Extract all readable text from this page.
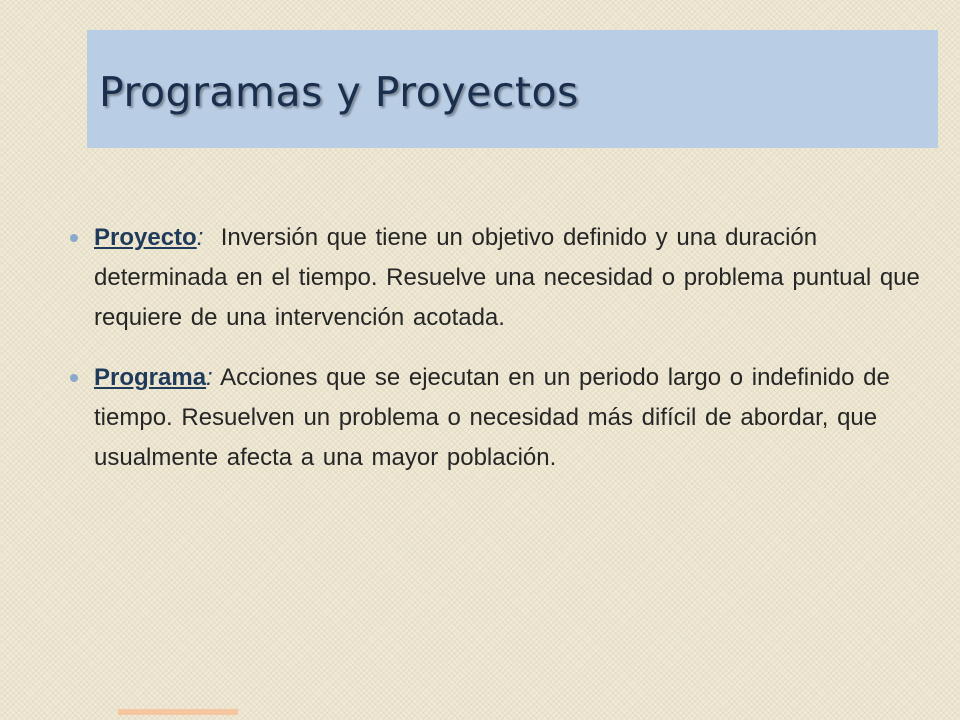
Programas y Proyectos

Proyecto: Inversión que tiene un objetivo definido y una duración determinada en el tiempo. Resuelve una necesidad o problema puntual que requiere de una intervención acotada.

Programa: Acciones que se ejecutan en un periodo largo o indefinido de tiempo. Resuelven un problema o necesidad más difícil de abordar, que usualmente afecta a una mayor población.
